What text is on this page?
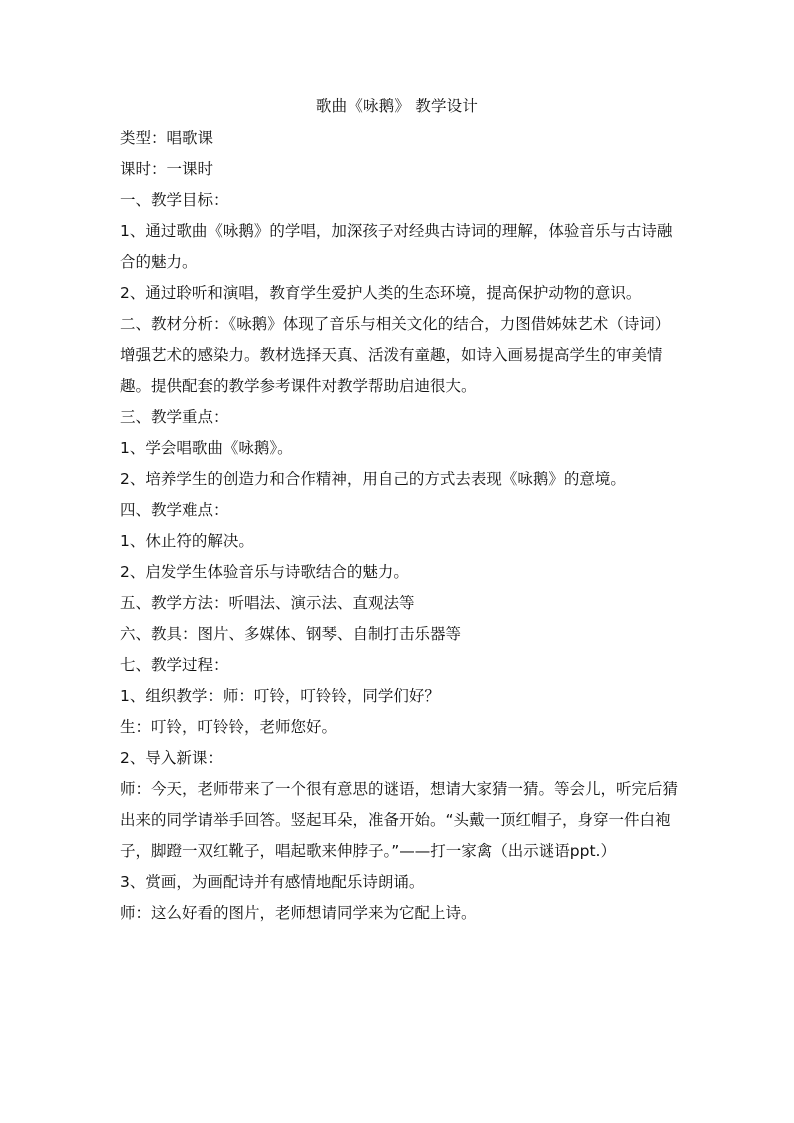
歌曲《咏鹅》 教学设计

类型：唱歌课

课时：一课时

一、教学目标：

1、通过歌曲《咏鹅》的学唱，加深孩子对经典古诗词的理解，体验音乐与古诗融合的魅力。

2、通过聆听和演唱，教育学生爱护人类的生态环境，提高保护动物的意识。

二、教材分析：《咏鹅》体现了音乐与相关文化的结合，力图借姊妹艺术（诗词）增强艺术的感染力。教材选择天真、活泼有童趣，如诗入画易提高学生的审美情趣。提供配套的教学参考课件对教学帮助启迪很大。

三、教学重点：

1、学会唱歌曲《咏鹅》。

2、培养学生的创造力和合作精神，用自己的方式去表现《咏鹅》的意境。

四、教学难点：

1、休止符的解决。

2、启发学生体验音乐与诗歌结合的魅力。

五、教学方法：听唱法、演示法、直观法等

六、教具：图片、多媒体、钢琴、自制打击乐器等

七、教学过程：

1、组织教学：师：叮铃，叮铃铃，同学们好？

生：叮铃，叮铃铃，老师您好。

2、导入新课：

师：今天，老师带来了一个很有意思的谜语，想请大家猜一猜。等会儿，听完后猜出来的同学请举手回答。竖起耳朵，准备开始。“头戴一顶红帽子，身穿一件白袍子，脚蹬一双红靴子，唱起歌来伸脖子。”——打一家禽（出示谜语ppt.）

3、赏画，为画配诗并有感情地配乐诗朗诵。

师：这么好看的图片，老师想请同学来为它配上诗。
